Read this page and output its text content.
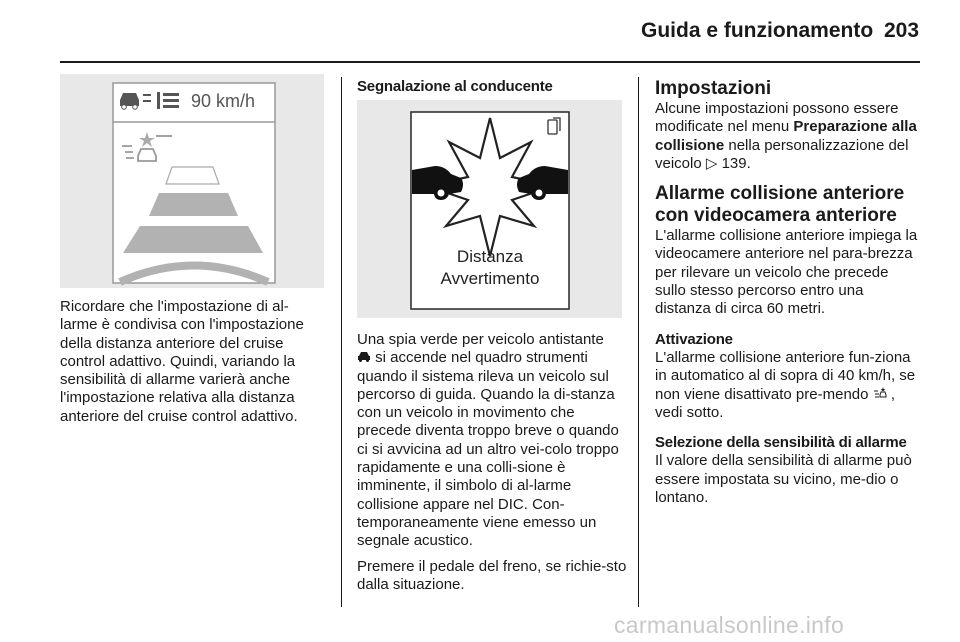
Guida e funzionamento 203
90 km/h
Distanza
Avvertimento

Ricordare che l'impostazione di al-larme è condivisa con l'impostazione della distanza anteriore del cruise control adattivo. Quindi, variando la sensibilità di allarme varierà anche l'impostazione relativa alla distanza anteriore del cruise control adattivo.

Segnalazione al conducente

Una spia verde per veicolo antistante
si accende nel quadro strumenti quando il sistema rileva un veicolo sul percorso di guida. Quando la di-stanza con un veicolo in movimento che precede diventa troppo breve o quando ci si avvicina ad un altro vei-colo troppo rapidamente e una colli-sione è imminente, il simbolo di al-larme collisione appare nel DIC. Con-temporaneamente viene emesso un segnale acustico.

Premere il pedale del freno, se richie-sto dalla situazione.

Impostazioni

Alcune impostazioni possono essere modificate nel menu Preparazione alla collisione nella personalizzazione del veicolo ▷ 139.

Allarme collisione anteriore con videocamera anteriore

L'allarme collisione anteriore impiega la videocamere anteriore nel para-brezza per rilevare un veicolo che precede sullo stesso percorso entro una distanza di circa 60 metri.

Attivazione

L'allarme collisione anteriore fun-ziona in automatico al di sopra di 40 km/h, se non viene disattivato pre-mendo , vedi sotto.

Selezione della sensibilità di allarme

Il valore della sensibilità di allarme può essere impostata su vicino, me-dio o lontano.

carmanualsonline.info
